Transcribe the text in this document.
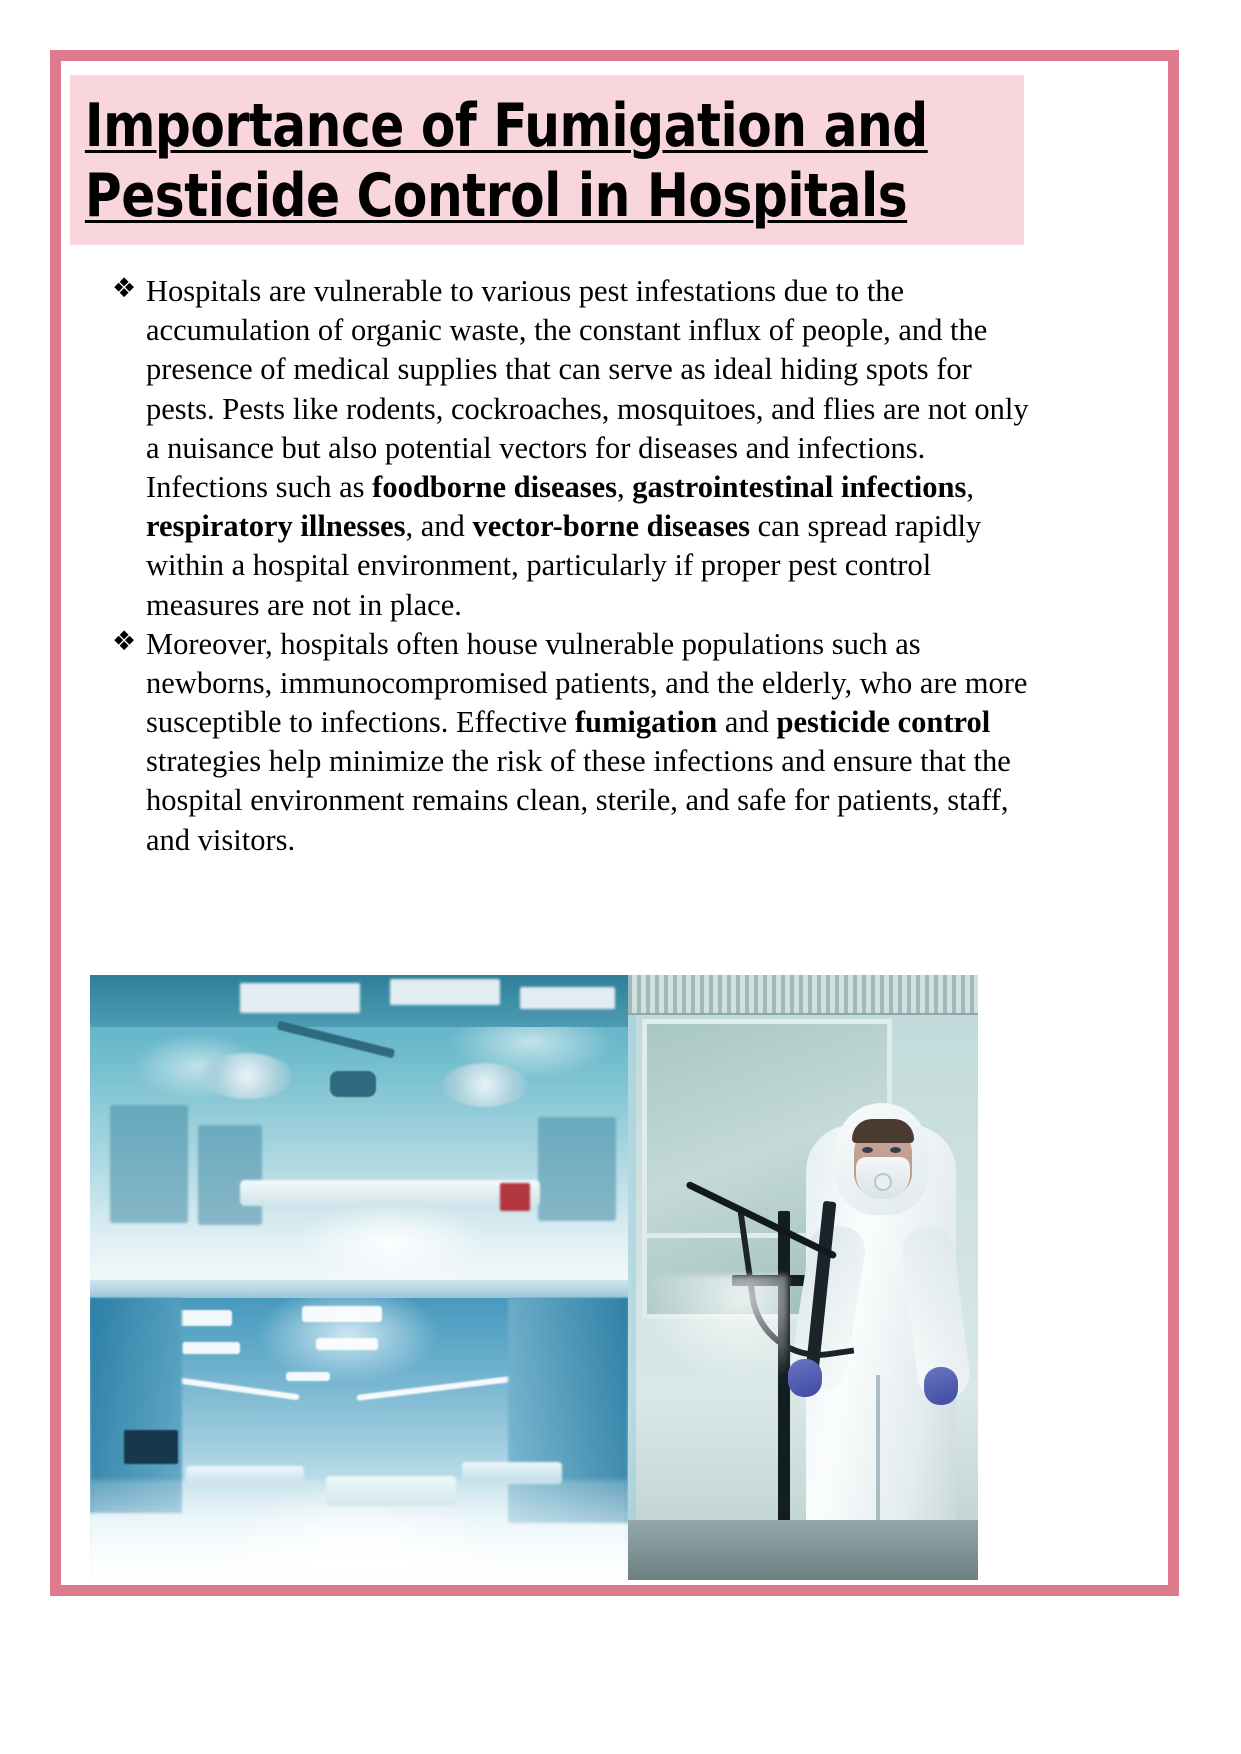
Importance of Fumigation and
Pesticide Control in Hospitals
❖ Hospitals are vulnerable to various pest infestations due to the accumulation of organic waste, the constant influx of people, and the presence of medical supplies that can serve as ideal hiding spots for pests. Pests like rodents, cockroaches, mosquitoes, and flies are not only a nuisance but also potential vectors for diseases and infections. Infections such as foodborne diseases, gastrointestinal infections, respiratory illnesses, and vector-borne diseases can spread rapidly within a hospital environment, particularly if proper pest control measures are not in place.
❖ Moreover, hospitals often house vulnerable populations such as newborns, immunocompromised patients, and the elderly, who are more susceptible to infections. Effective fumigation and pesticide control strategies help minimize the risk of these infections and ensure that the hospital environment remains clean, sterile, and safe for patients, staff, and visitors.
